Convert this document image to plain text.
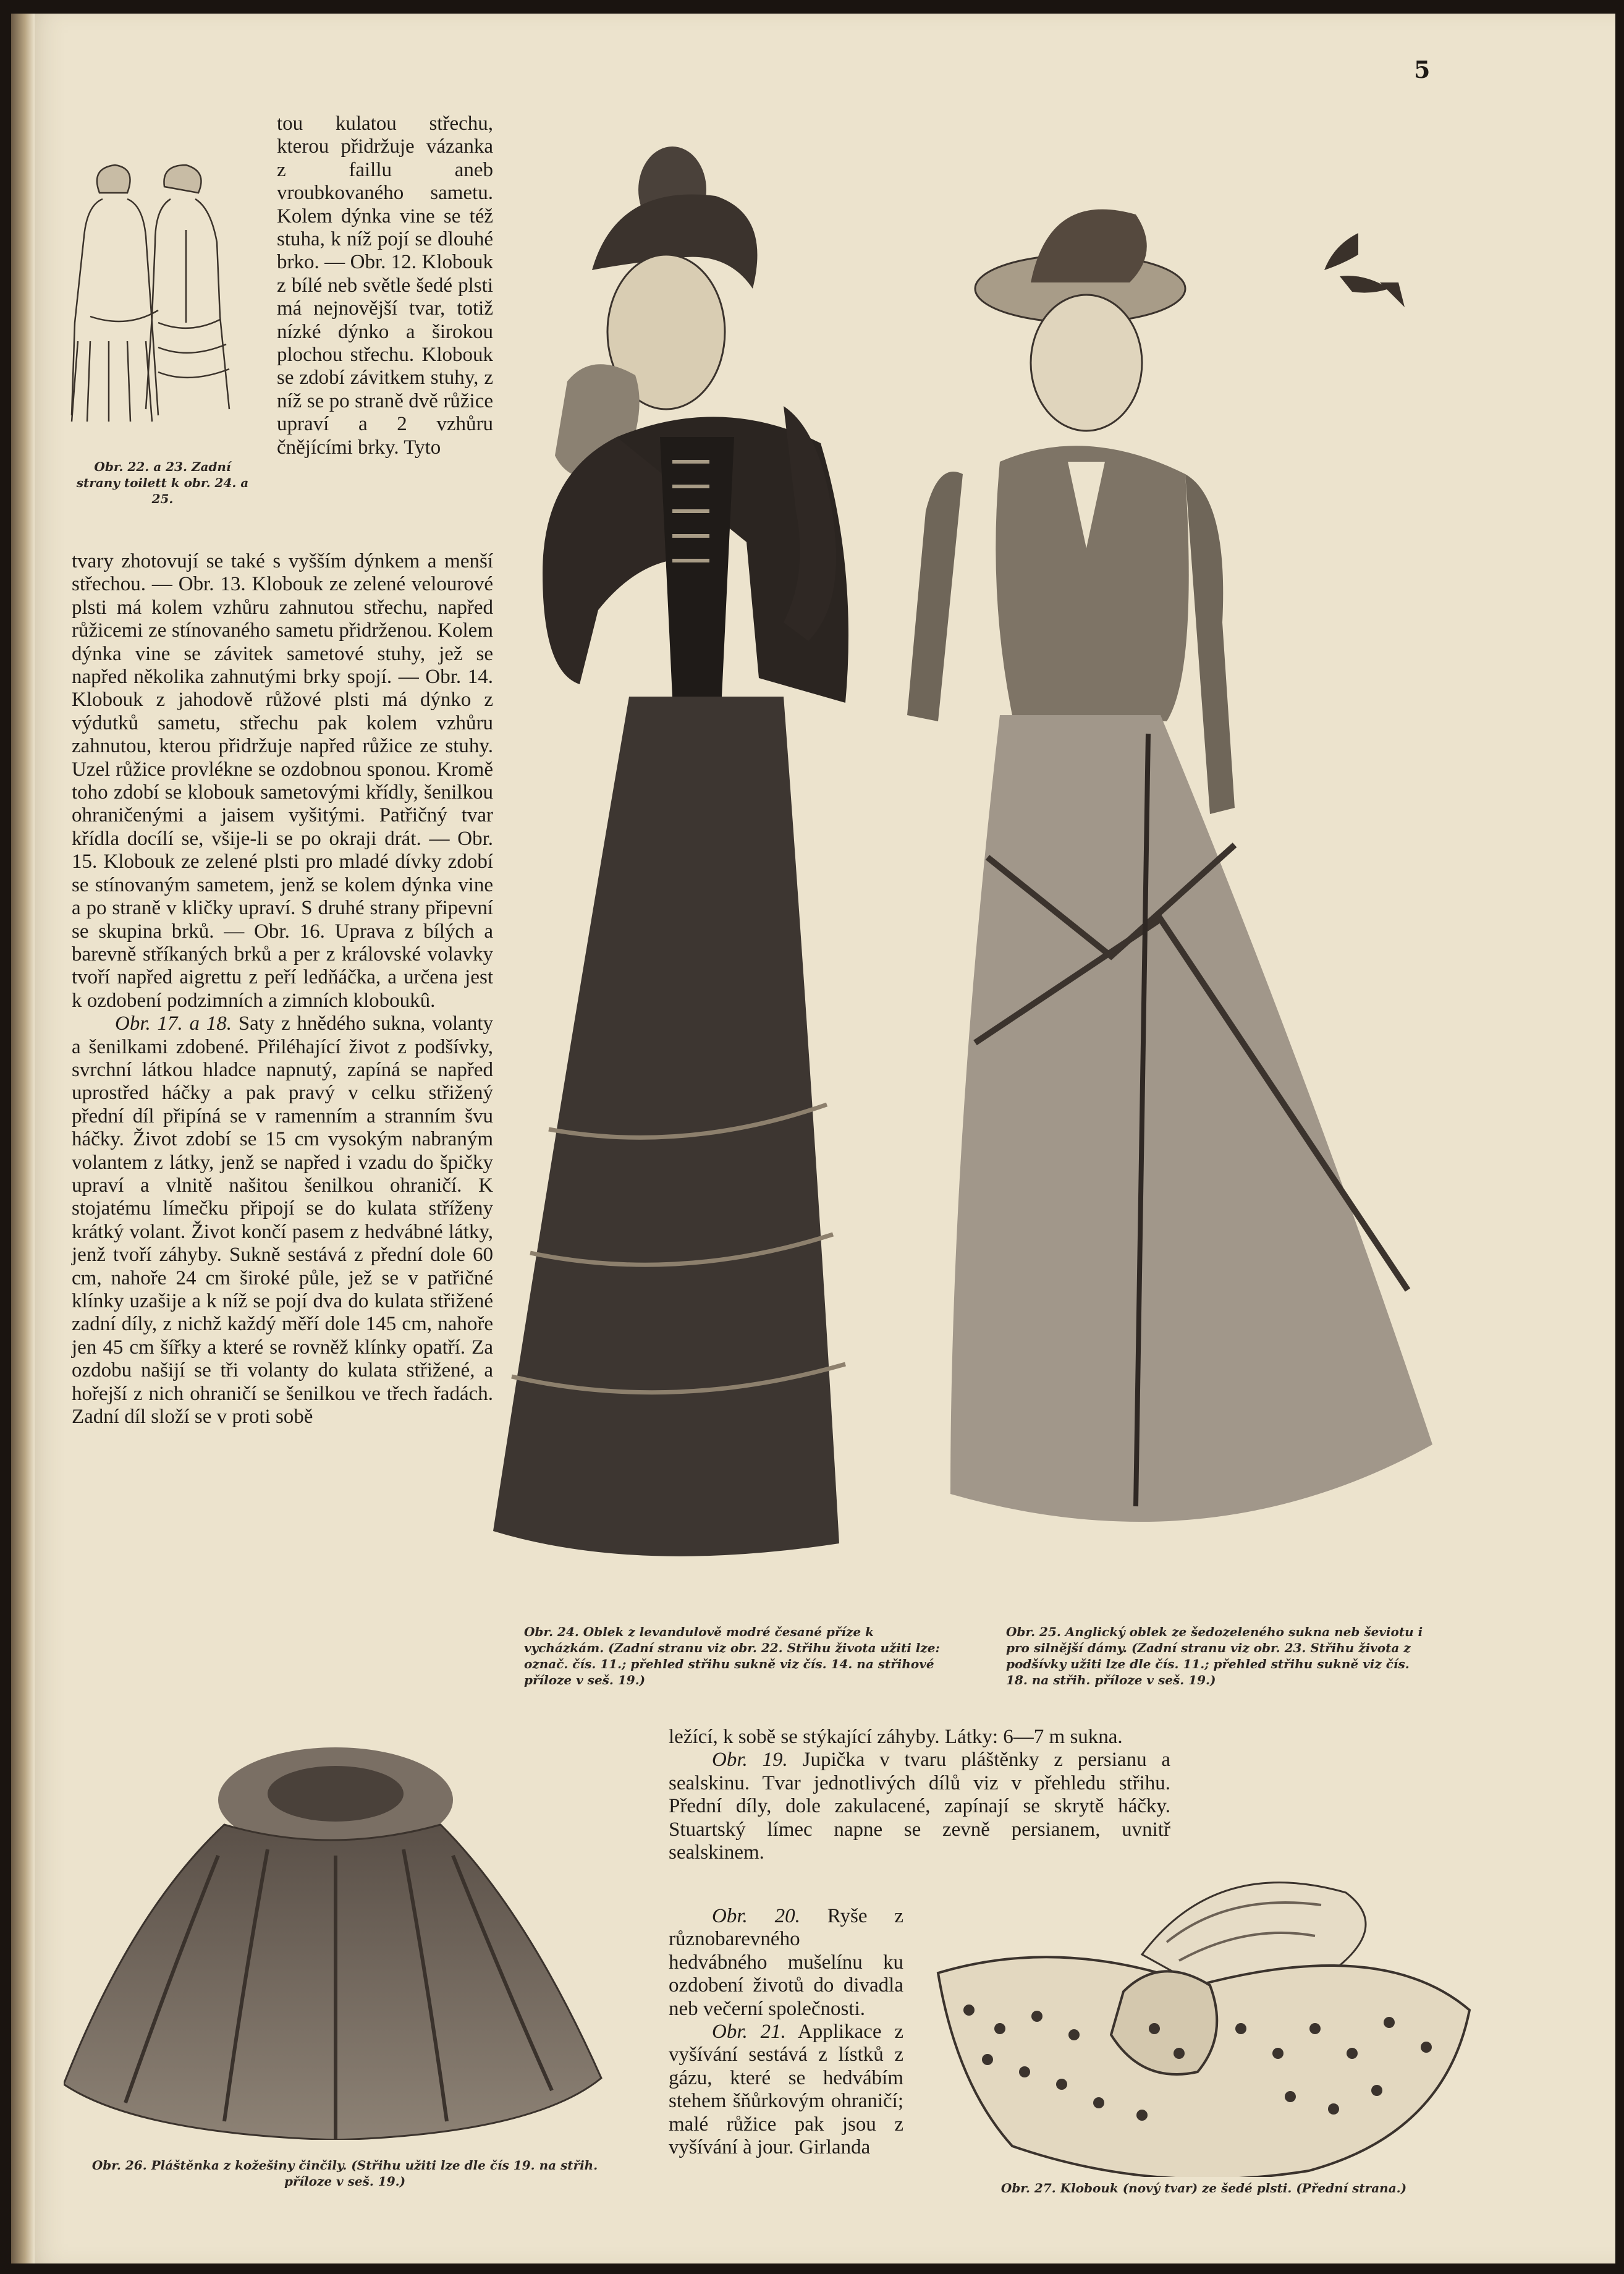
5
Obr. 22. a 23. Zadní strany toilett k obr. 24. a 25.

tou kulatou střechu, kterou přidržuje vázanka z faillu aneb vroubkovaného sametu. Kolem dýnka vine se též stuha, k níž pojí se dlouhé brko. — Obr. 12. Klobouk z bílé neb světle šedé plsti má nejnovější tvar, totiž nízké dýnko a širokou plochou střechu. Klobouk se zdobí závitkem stuhy, z níž se po straně dvě růžice upraví a 2 vzhůru čnějícími brky. Tyto

tvary zhotovují se také s vyšším dýnkem a menší střechou. — Obr. 13. Klobouk ze zelené velourové plsti má kolem vzhůru zahnutou střechu, napřed růžicemi ze stínovaného sametu přidrženou. Kolem dýnka vine se závitek sametové stuhy, jež se napřed několika zahnutými brky spojí. — Obr. 14. Klobouk z jahodově růžové plsti má dýnko z výdutků sametu, střechu pak kolem vzhůru zahnutou, kterou přidržuje napřed růžice ze stuhy. Uzel růžice provlékne se ozdobnou sponou. Kromě toho zdobí se klobouk sametovými křídly, šenilkou ohraničenými a jaisem vyšitými. Patřičný tvar křídla docílí se, všije-li se po okraji drát. — Obr. 15. Klobouk ze zelené plsti pro mladé dívky zdobí se stínovaným sametem, jenž se kolem dýnka vine a po straně v kličky upraví. S druhé strany připevní se skupina brků. — Obr. 16. Uprava z bílých a barevně stříkaných brků a per z královské volavky tvoří napřed aigrettu z peří ledňáčka, a určena jest k ozdobení podzimních a zimních kloboukû.

Obr. 17. a 18. Saty z hnědého sukna, volanty a šenilkami zdobené. Přiléhající život z podšívky, svrchní látkou hladce napnutý, zapíná se napřed uprostřed háčky a pak pravý v celku střižený přední díl připíná se v ramenním a stranním švu háčky. Život zdobí se 15 cm vysokým nabraným volantem z látky, jenž se napřed i vzadu do špičky upraví a vlnitě našitou šenilkou ohraničí. K stojatému límečku připojí se do kulata stříženy krátký volant. Život končí pasem z hedvábné látky, jenž tvoří záhyby. Sukně sestává z přední dole 60 cm, nahoře 24 cm široké půle, jež se v patřičné klínky uzašije a k níž se pojí dva do kulata střižené zadní díly, z nichž každý měří dole 145 cm, nahoře jen 45 cm šířky a které se rovněž klínky opatří. Za ozdobu našijí se tři volanty do kulata střižené, a hořejší z nich ohraničí se šenilkou ve třech řadách. Zadní díl složí se v proti sobě

Obr. 24. Oblek z levandulově modré česané příze k vycházkám. (Zadní stranu viz obr. 22. Střihu života užiti lze: označ. čís. 11.; přehled střihu sukně viz čís. 14. na střihové příloze v seš. 19.)
Obr. 25. Anglický oblek ze šedozeleného sukna neb ševiotu i pro silnější dámy. (Zadní stranu viz obr. 23. Střihu života z podšívky užiti lze dle čís. 11.; přehled střihu sukně viz čís. 18. na střih. příloze v seš. 19.)

ležící, k sobě se stýkající záhyby. Látky: 6—7 m sukna.

Obr. 19. Jupička v tvaru pláštěnky z persianu a sealskinu. Tvar jednotlivých dílů viz v přehledu střihu. Přední díly, dole zakulacené, zapínají se skrytě háčky. Stuartský límec napne se zevně persianem, uvnitř sealskinem.

Obr. 20. Ryše z různobarevného hedvábného mušelínu ku ozdobení životů do divadla neb večerní společnosti.

Obr. 21. Applikace z vyšívání sestává z lístků z gázu, které se hedvábím stehem šňůrkovým ohraničí; malé růžice pak jsou z vyšívání à jour. Girlanda

Obr. 26. Pláštěnka z kožešiny činčily. (Střihu užiti lze dle čís 19. na střih. příloze v seš. 19.)	Obr. 27. Klobouk (nový tvar) ze šedé plsti. (Přední strana.)
